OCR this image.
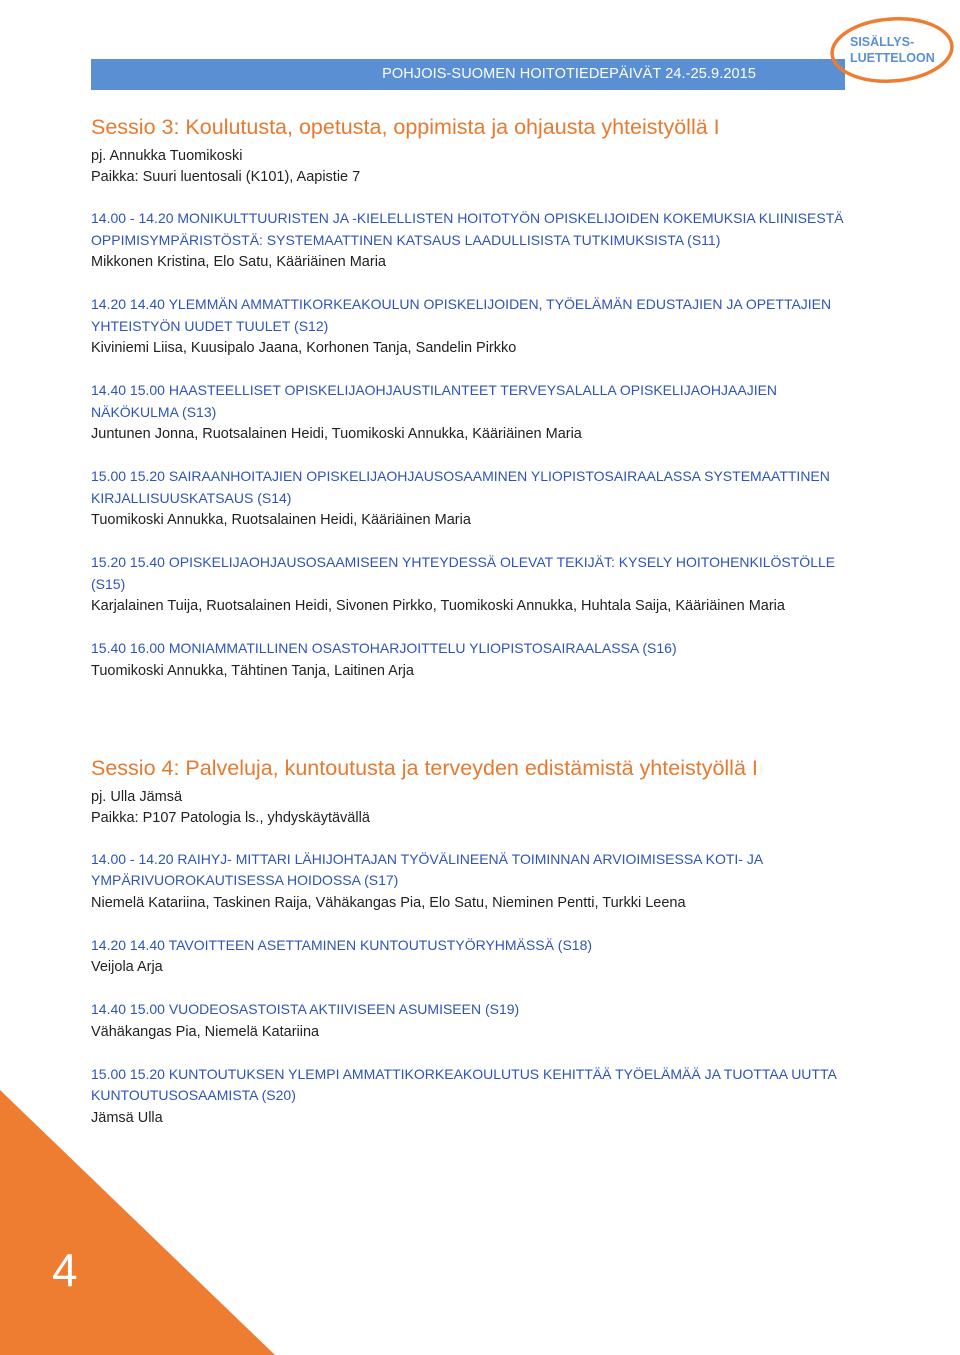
POHJOIS-SUOMEN HOITOTIEDEPÄIVÄT 24.-25.9.2015
SISÄLLYS-
LUETTELOON
Sessio 3: Koulutusta, opetusta, oppimista ja ohjausta yhteistyöllä I

pj. Annukka Tuomikoski

Paikka: Suuri luentosali (K101), Aapistie 7

14.00 - 14.20 MONIKULTTUURISTEN JA -KIELELLISTEN HOITOTYÖN OPISKELIJOIDEN KOKEMUKSIA KLIINISESTÄ OPPIMISYMPÄRISTÖSTÄ: SYSTEMAATTINEN KATSAUS LAADULLISISTA TUTKIMUKSISTA (S11)

Mikkonen Kristina, Elo Satu, Kääriäinen Maria

14.20 14.40 YLEMMÄN AMMATTIKORKEAKOULUN OPISKELIJOIDEN, TYÖELÄMÄN EDUSTAJIEN JA OPETTAJIEN YHTEISTYÖN UUDET TUULET (S12)

Kiviniemi Liisa, Kuusipalo Jaana, Korhonen Tanja, Sandelin Pirkko

14.40 15.00 HAASTEELLISET OPISKELIJAOHJAUSTILANTEET TERVEYSALALLA OPISKELIJAOHJAAJIEN NÄKÖKULMA (S13)

Juntunen Jonna, Ruotsalainen Heidi, Tuomikoski Annukka, Kääriäinen Maria

15.00 15.20 SAIRAANHOITAJIEN OPISKELIJAOHJAUSOSAAMINEN YLIOPISTOSAIRAALASSA SYSTEMAATTINEN KIRJALLISUUSKATSAUS (S14)

Tuomikoski Annukka, Ruotsalainen Heidi, Kääriäinen Maria

15.20 15.40 OPISKELIJAOHJAUSOSAAMISEEN YHTEYDESSÄ OLEVAT TEKIJÄT: KYSELY HOITOHENKILÖSTÖLLE (S15)

Karjalainen Tuija, Ruotsalainen Heidi, Sivonen Pirkko, Tuomikoski Annukka, Huhtala Saija, Kääriäinen Maria

15.40 16.00 MONIAMMATILLINEN OSASTOHARJOITTELU YLIOPISTOSAIRAALASSA (S16)

Tuomikoski Annukka, Tähtinen Tanja, Laitinen Arja

Sessio 4: Palveluja, kuntoutusta ja terveyden edistämistä yhteistyöllä I

pj. Ulla Jämsä

Paikka: P107 Patologia ls., yhdyskäytävällä

14.00 - 14.20 RAIHYJ- MITTARI LÄHIJOHTAJAN TYÖVÄLINEENÄ TOIMINNAN ARVIOIMISESSA KOTI- JA YMPÄRIVUOROKAUTISESSA HOIDOSSA (S17)

Niemelä Katariina, Taskinen Raija, Vähäkangas Pia, Elo Satu, Nieminen Pentti, Turkki Leena

14.20 14.40 TAVOITTEEN ASETTAMINEN KUNTOUTUSTYÖRYHMÄSSÄ (S18)

Veijola Arja

14.40 15.00 VUODEOSASTOISTA AKTIIVISEEN ASUMISEEN (S19)

Vähäkangas Pia, Niemelä Katariina

15.00 15.20 KUNTOUTUKSEN YLEMPI AMMATTIKORKEAKOULUTUS KEHITTÄÄ TYÖELÄMÄÄ JA TUOTTAA UUTTA KUNTOUTUSOSAAMISTA (S20)

Jämsä Ulla

4
